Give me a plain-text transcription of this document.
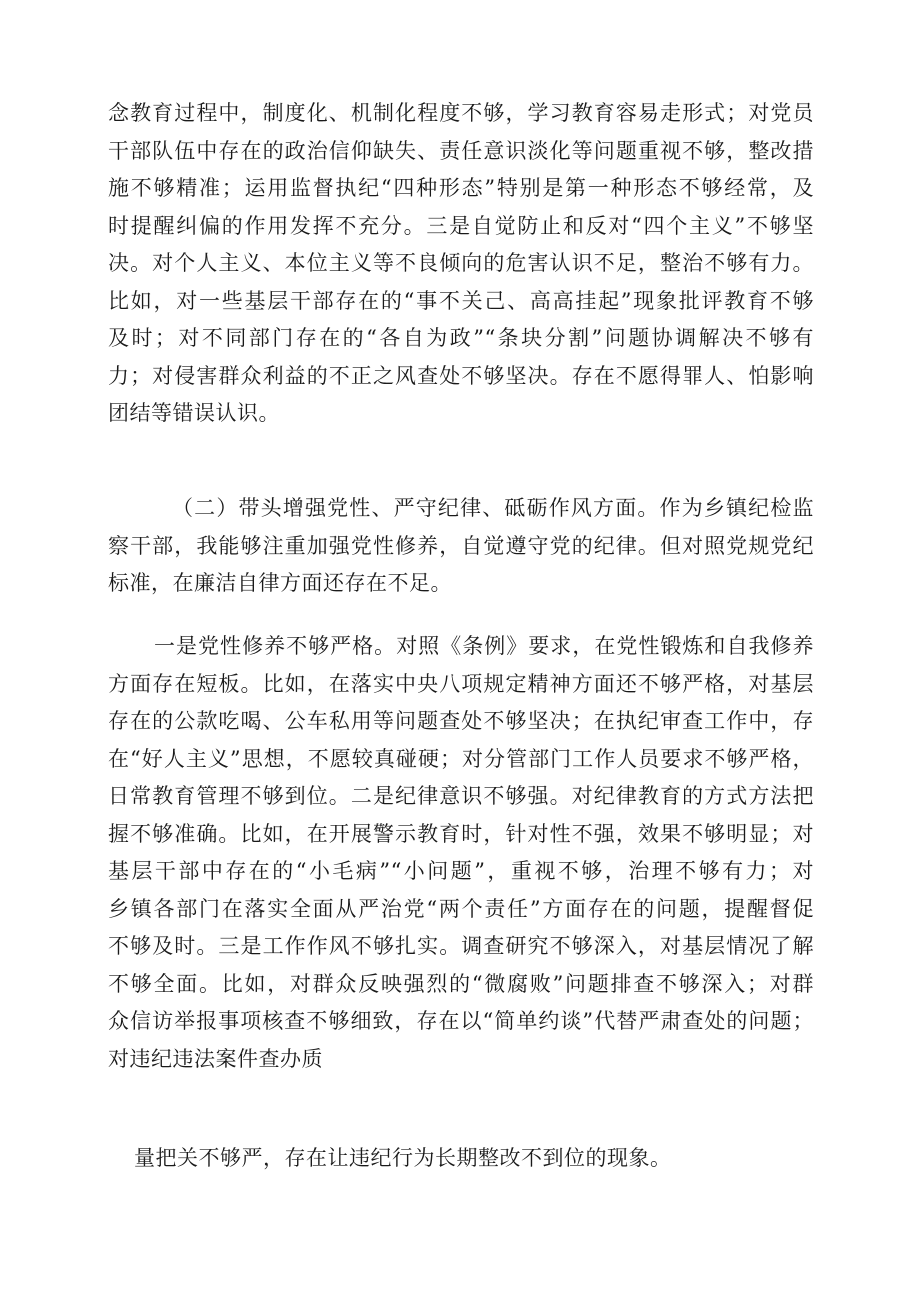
念教育过程中，制度化、机制化程度不够，学习教育容易走形式；对党员
干部队伍中存在的政治信仰缺失、责任意识淡化等问题重视不够，整改措
施不够精准；运用监督执纪“四种形态”特别是第一种形态不够经常，及
时提醒纠偏的作用发挥不充分。三是自觉防止和反对“四个主义”不够坚
决。对个人主义、本位主义等不良倾向的危害认识不足，整治不够有力。
比如，对一些基层干部存在的“事不关己、高高挂起”现象批评教育不够
及时；对不同部门存在的“各自为政”“条块分割”问题协调解决不够有
力；对侵害群众利益的不正之风查处不够坚决。存在不愿得罪人、怕影响
团结等错误认识。
（二）带头增强党性、严守纪律、砥砺作风方面。作为乡镇纪检监
察干部，我能够注重加强党性修养，自觉遵守党的纪律。但对照党规党纪
标准，在廉洁自律方面还存在不足。
一是党性修养不够严格。对照《条例》要求，在党性锻炼和自我修养
方面存在短板。比如，在落实中央八项规定精神方面还不够严格，对基层
存在的公款吃喝、公车私用等问题查处不够坚决；在执纪审查工作中，存
在“好人主义”思想，不愿较真碰硬；对分管部门工作人员要求不够严格，
日常教育管理不够到位。二是纪律意识不够强。对纪律教育的方式方法把
握不够准确。比如，在开展警示教育时，针对性不强，效果不够明显；对
基层干部中存在的“小毛病”“小问题”，重视不够，治理不够有力；对
乡镇各部门在落实全面从严治党“两个责任”方面存在的问题，提醒督促
不够及时。三是工作作风不够扎实。调查研究不够深入，对基层情况了解
不够全面。比如，对群众反映强烈的“微腐败”问题排查不够深入；对群
众信访举报事项核查不够细致，存在以“简单约谈”代替严肃查处的问题；
对违纪违法案件查办质
量把关不够严，存在让违纪行为长期整改不到位的现象。
